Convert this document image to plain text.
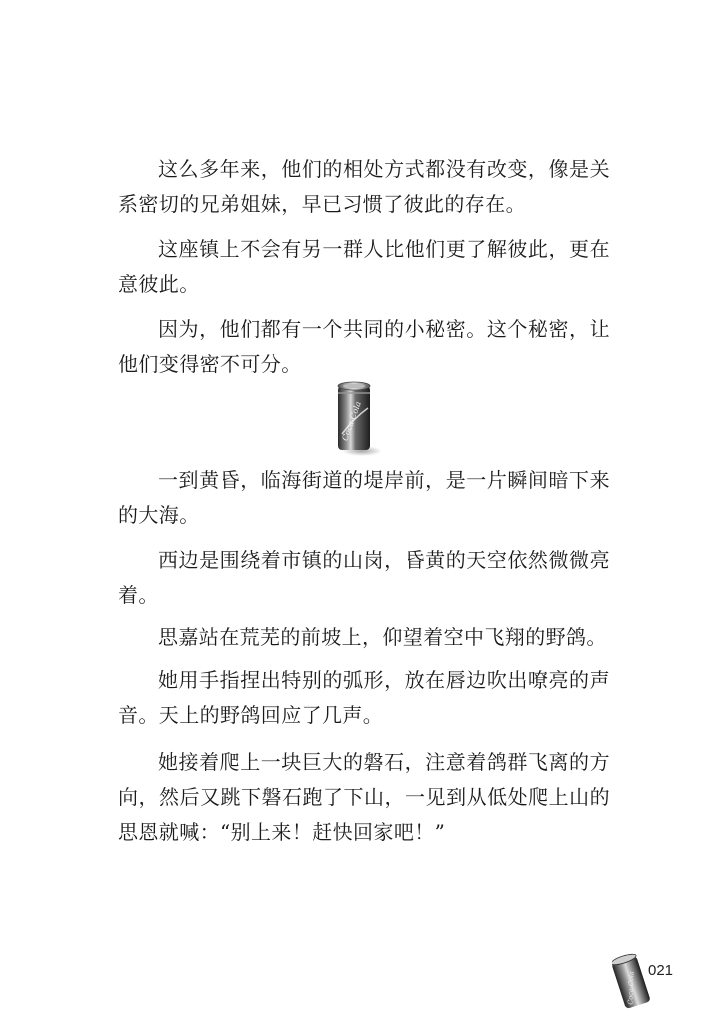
这么多年来，他们的相处方式都没有改变，像是关系密切的兄弟姐妹，早已习惯了彼此的存在。

这座镇上不会有另一群人比他们更了解彼此，更在意彼此。

因为，他们都有一个共同的小秘密。这个秘密，让他们变得密不可分。

Coca-Cola

一到黄昏，临海街道的堤岸前，是一片瞬间暗下来的大海。

西边是围绕着市镇的山岗，昏黄的天空依然微微亮着。

思嘉站在荒芜的前坡上，仰望着空中飞翔的野鸽。

她用手指捏出特别的弧形，放在唇边吹出嘹亮的声音。天上的野鸽回应了几声。

她接着爬上一块巨大的磐石，注意着鸽群飞离的方向，然后又跳下磐石跑了下山，一见到从低处爬上山的思恩就喊：“别上来！赶快回家吧！”

Coca-Cola
021
